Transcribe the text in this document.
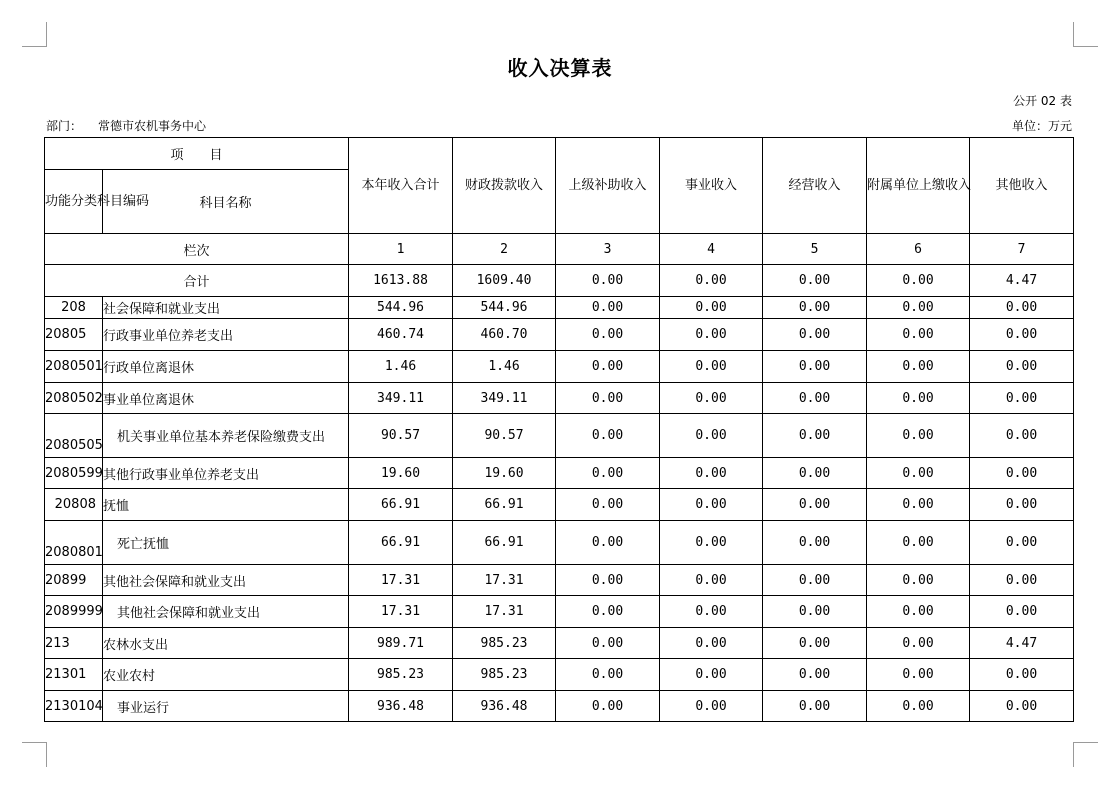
收入决算表
公开 02 表
部门： 常德市农机事务中心	单位：万元
项　　目		本年收入合计	财政拨款收入	上级补助收入	事业收入	经营收入	附属单位上缴收入	其他收入
功能分类科目编码	科目名称							
栏次		1	2	3	4	5	6	7
合计		1613.88	1609.40	0.00	0.00	0.00	0.00	4.47
208	社会保障和就业支出	544.96	544.96	0.00	0.00	0.00	0.00	0.00
20805	行政事业单位养老支出	460.74	460.70	0.00	0.00	0.00	0.00	0.00
2080501	行政单位离退休	1.46	1.46	0.00	0.00	0.00	0.00	0.00
2080502	事业单位离退休	349.11	349.11	0.00	0.00	0.00	0.00	0.00
2080505	机关事业单位基本养老保险缴费支出	90.57	90.57	0.00	0.00	0.00	0.00	0.00
2080599	其他行政事业单位养老支出	19.60	19.60	0.00	0.00	0.00	0.00	0.00
20808	抚恤	66.91	66.91	0.00	0.00	0.00	0.00	0.00
2080801	死亡抚恤	66.91	66.91	0.00	0.00	0.00	0.00	0.00
20899	其他社会保障和就业支出	17.31	17.31	0.00	0.00	0.00	0.00	0.00
2089999	其他社会保障和就业支出	17.31	17.31	0.00	0.00	0.00	0.00	0.00
213	农林水支出	989.71	985.23	0.00	0.00	0.00	0.00	4.47
21301	农业农村	985.23	985.23	0.00	0.00	0.00	0.00	0.00
2130104	事业运行	936.48	936.48	0.00	0.00	0.00	0.00	0.00
